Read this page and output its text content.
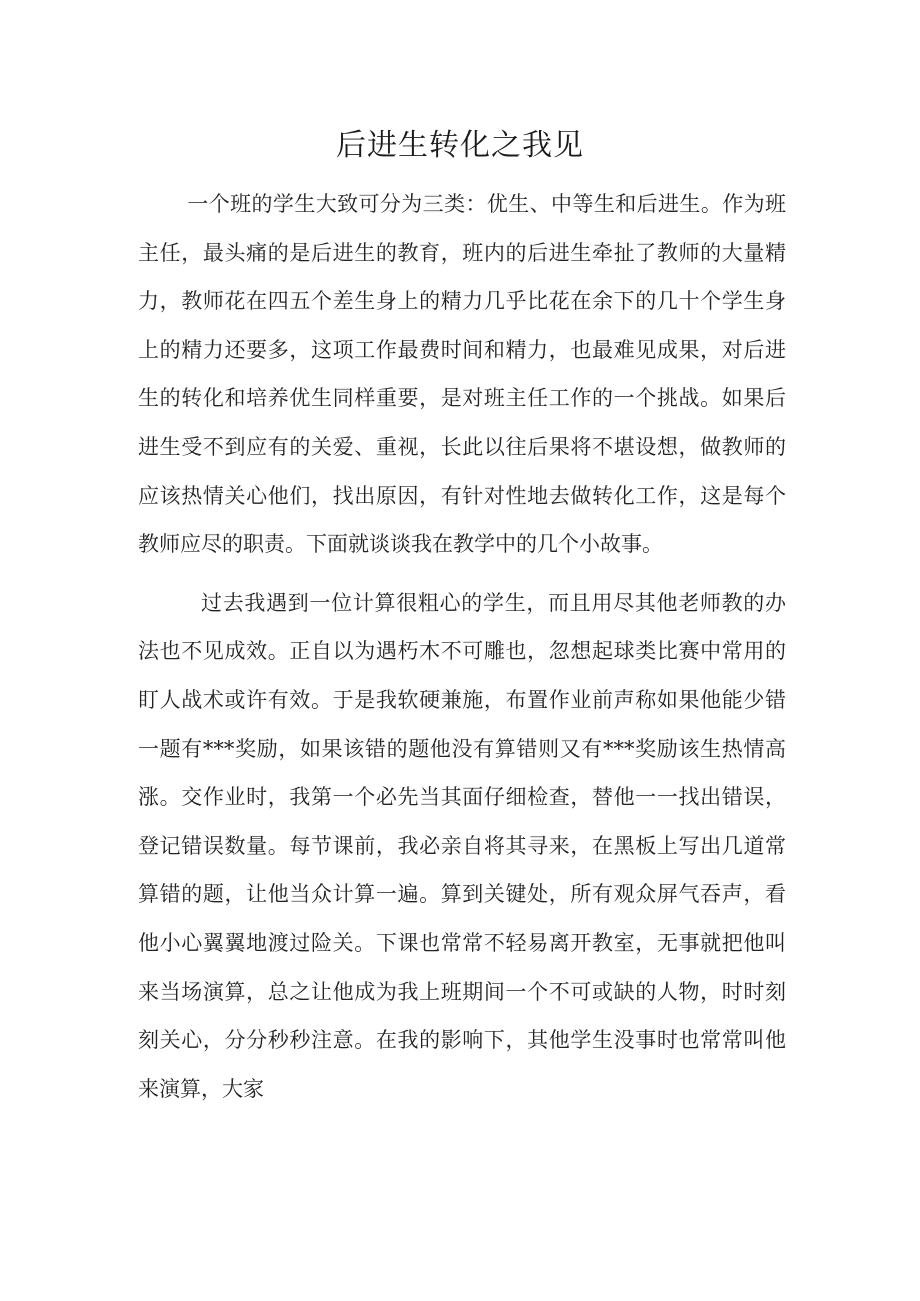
后进生转化之我见

一个班的学生大致可分为三类：优生、中等生和后进生。作为班主任，最头痛的是后进生的教育，班内的后进生牵扯了教师的大量精力，教师花在四五个差生身上的精力几乎比花在余下的几十个学生身上的精力还要多，这项工作最费时间和精力，也最难见成果，对后进生的转化和培养优生同样重要，是对班主任工作的一个挑战。如果后进生受不到应有的关爱、重视，长此以往后果将不堪设想，做教师的应该热情关心他们，找出原因，有针对性地去做转化工作，这是每个教师应尽的职责。下面就谈谈我在教学中的几个小故事。

过去我遇到一位计算很粗心的学生，而且用尽其他老师教的办法也不见成效。正自以为遇朽木不可雕也，忽想起球类比赛中常用的盯人战术或许有效。于是我软硬兼施，布置作业前声称如果他能少错一题有***奖励，如果该错的题他没有算错则又有***奖励该生热情高涨。交作业时，我第一个必先当其面仔细检查，替他一一找出错误，登记错误数量。每节课前，我必亲自将其寻来，在黑板上写出几道常算错的题，让他当众计算一遍。算到关键处，所有观众屏气吞声，看他小心翼翼地渡过险关。下课也常常不轻易离开教室，无事就把他叫来当场演算，总之让他成为我上班期间一个不可或缺的人物，时时刻刻关心，分分秒秒注意。在我的影响下，其他学生没事时也常常叫他来演算，大家
